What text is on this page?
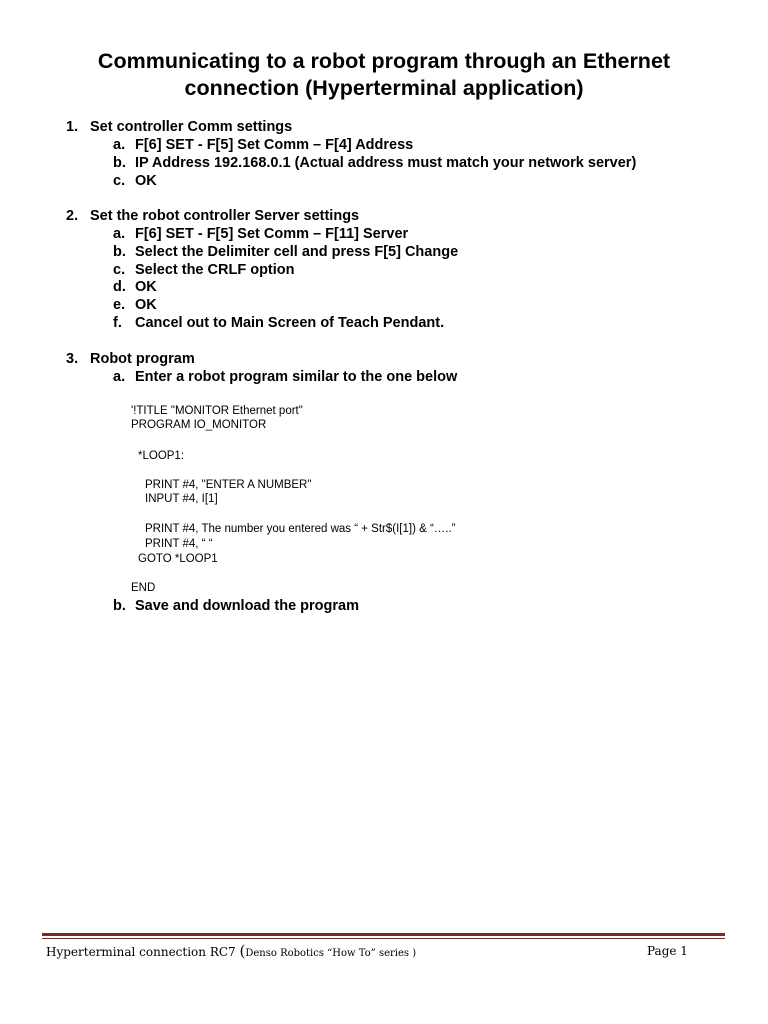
Communicating to a robot program through an Ethernet
connection (Hyperterminal application)
1. Set controller Comm settings
a. F[6] SET - F[5] Set Comm – F[4] Address
b. IP Address 192.168.0.1 (Actual address must match your network server)
c. OK
2. Set the robot controller Server settings
a. F[6] SET - F[5] Set Comm – F[11] Server
b. Select the Delimiter cell and press F[5] Change
c. Select the CRLF option
d. OK
e. OK
f. Cancel out to Main Screen of Teach Pendant.
3. Robot program
a. Enter a robot program similar to the one below
'!TITLE "MONITOR Ethernet port"
PROGRAM IO_MONITOR
*LOOP1:
PRINT #4, "ENTER A NUMBER"
INPUT #4, I[1]
PRINT #4, The number you entered was “ + Str$(I[1]) & “…..”
PRINT #4, “ “
GOTO *LOOP1
END
b. Save and download the program
Hyperterminal connection RC7 (Denso Robotics “How To” series )	Page 1
